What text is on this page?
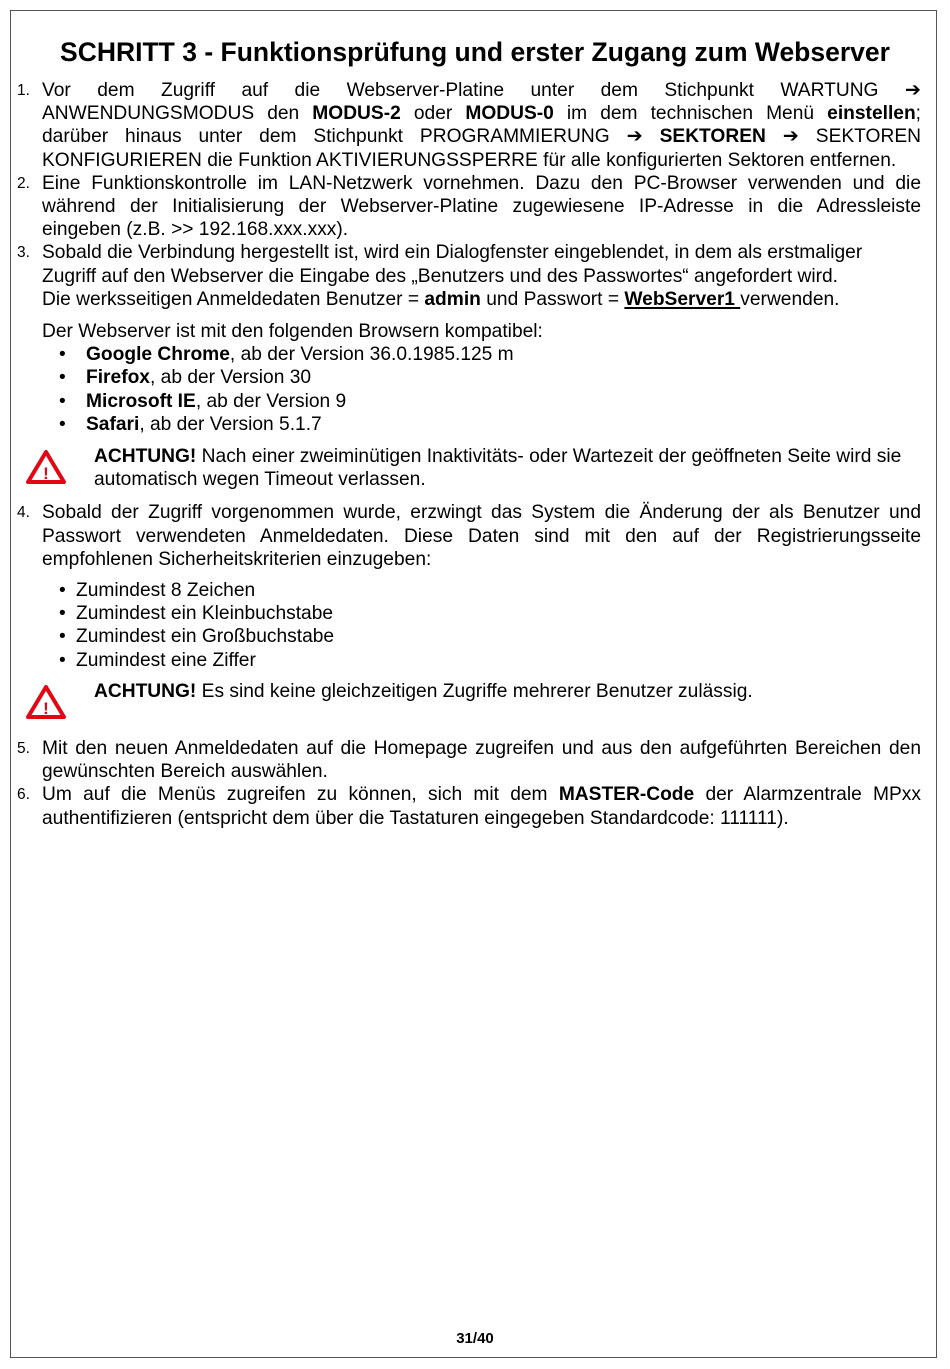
SCHRITT 3 - Funktionsprüfung und erster Zugang zum Webserver
1. Vor dem Zugriff auf die Webserver-Platine unter dem Stichpunkt WARTUNG ➔ ANWENDUNGSMODUS den MODUS-2 oder MODUS-0 im dem technischen Menü einstellen; darüber hinaus unter dem Stichpunkt PROGRAMMIERUNG ➔ SEKTOREN ➔ SEKTOREN KONFIGURIEREN die Funktion AKTIVIERUNGSSPERRE für alle konfigurierten Sektoren entfernen.
2. Eine Funktionskontrolle im LAN-Netzwerk vornehmen. Dazu den PC-Browser verwenden und die während der Initialisierung der Webserver-Platine zugewiesene IP-Adresse in die Adressleiste eingeben (z.B. >> 192.168.xxx.xxx).
3. Sobald die Verbindung hergestellt ist, wird ein Dialogfenster eingeblendet, in dem als erstmaliger Zugriff auf den Webserver die Eingabe des „Benutzers und des Passwortes“ angefordert wird.
Die werksseitigen Anmeldedaten Benutzer = admin und Passwort = WebServer1 verwenden.
Der Webserver ist mit den folgenden Browsern kompatibel:
•	Google Chrome, ab der Version 36.0.1985.125 m
•	Firefox, ab der Version 30
•	Microsoft IE, ab der Version 9
•	Safari, ab der Version 5.1.7
!
ACHTUNG! Nach einer zweiminütigen Inaktivitäts- oder Wartezeit der geöffneten Seite wird sie automatisch wegen Timeout verlassen.
4. Sobald der Zugriff vorgenommen wurde, erzwingt das System die Änderung der als Benutzer und Passwort verwendeten Anmeldedaten. Diese Daten sind mit den auf der Registrierungsseite empfohlenen Sicherheitskriterien einzugeben:
• Zumindest 8 Zeichen
• Zumindest ein Kleinbuchstabe
• Zumindest ein Großbuchstabe
• Zumindest eine Ziffer
!
ACHTUNG! Es sind keine gleichzeitigen Zugriffe mehrerer Benutzer zulässig.
5. Mit den neuen Anmeldedaten auf die Homepage zugreifen und aus den aufgeführten Bereichen den gewünschten Bereich auswählen.
6. Um auf die Menüs zugreifen zu können, sich mit dem MASTER-Code der Alarmzentrale MPxx authentifizieren (entspricht dem über die Tastaturen eingegeben Standardcode: 111111).
31/40
